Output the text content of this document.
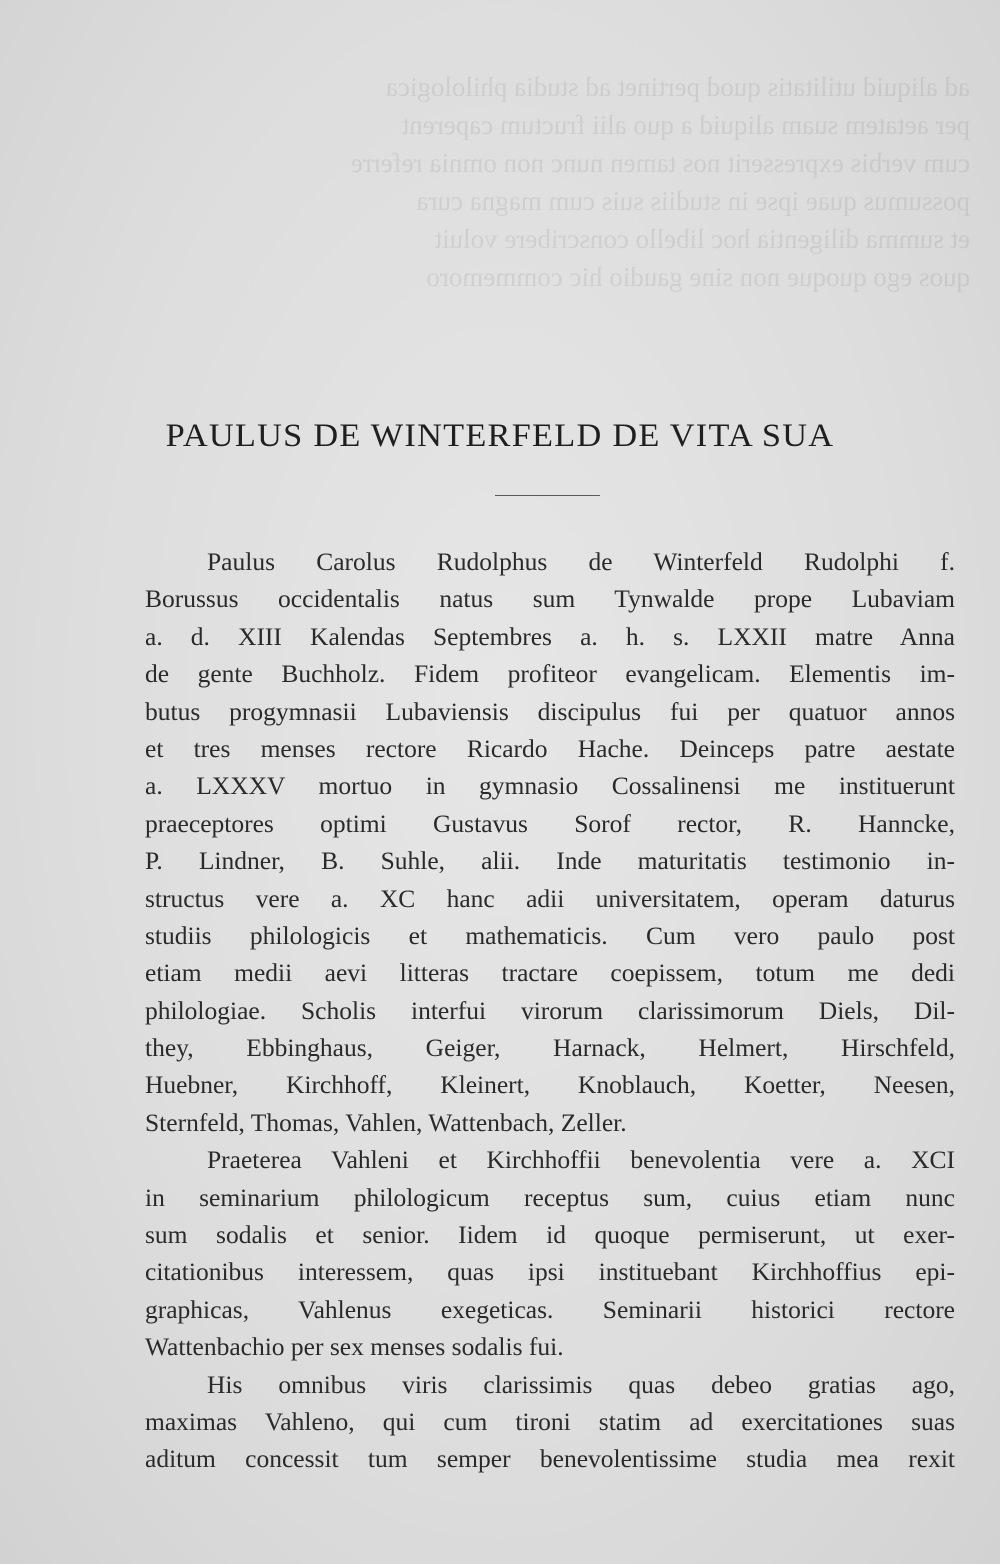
ad aliquid utilitatis quod pertinet ad studia philologica
per aetatem suam aliquid a quo alii fructum caperent
cum verbis expresserit nos tamen nunc non omnia referre
possumus quae ipse in studiis suis cum magna cura
et summa diligentia hoc libello conscribere voluit
quos ego quoque non sine gaudio hic commemoro

PAULUS DE WINTERFELD DE VITA SUA
Paulus Carolus Rudolphus de Winterfeld Rudolphi f.
Borussus occidentalis natus sum Tynwalde prope Lubaviam
a. d. XIII Kalendas Septembres a. h. s. LXXII matre Anna
de gente Buchholz. Fidem profiteor evangelicam. Elementis im-
butus progymnasii Lubaviensis discipulus fui per quatuor annos
et tres menses rectore Ricardo Hache. Deinceps patre aestate
a. LXXXV mortuo in gymnasio Cossalinensi me instituerunt
praeceptores optimi Gustavus Sorof rector, R. Hanncke,
P. Lindner, B. Suhle, alii. Inde maturitatis testimonio in-
structus vere a. XC hanc adii universitatem, operam daturus
studiis philologicis et mathematicis. Cum vero paulo post
etiam medii aevi litteras tractare coepissem, totum me dedi
philologiae. Scholis interfui virorum clarissimorum Diels, Dil-
they, Ebbinghaus, Geiger, Harnack, Helmert, Hirschfeld,
Huebner, Kirchhoff, Kleinert, Knoblauch, Koetter, Neesen,
Sternfeld, Thomas, Vahlen, Wattenbach, Zeller.
Praeterea Vahleni et Kirchhoffii benevolentia vere a. XCI
in seminarium philologicum receptus sum, cuius etiam nunc
sum sodalis et senior. Iidem id quoque permiserunt, ut exer-
citationibus interessem, quas ipsi instituebant Kirchhoffius epi-
graphicas, Vahlenus exegeticas. Seminarii historici rectore
Wattenbachio per sex menses sodalis fui.
His omnibus viris clarissimis quas debeo gratias ago,
maximas Vahleno, qui cum tironi statim ad exercitationes suas
aditum concessit tum semper benevolentissime studia mea rexit
